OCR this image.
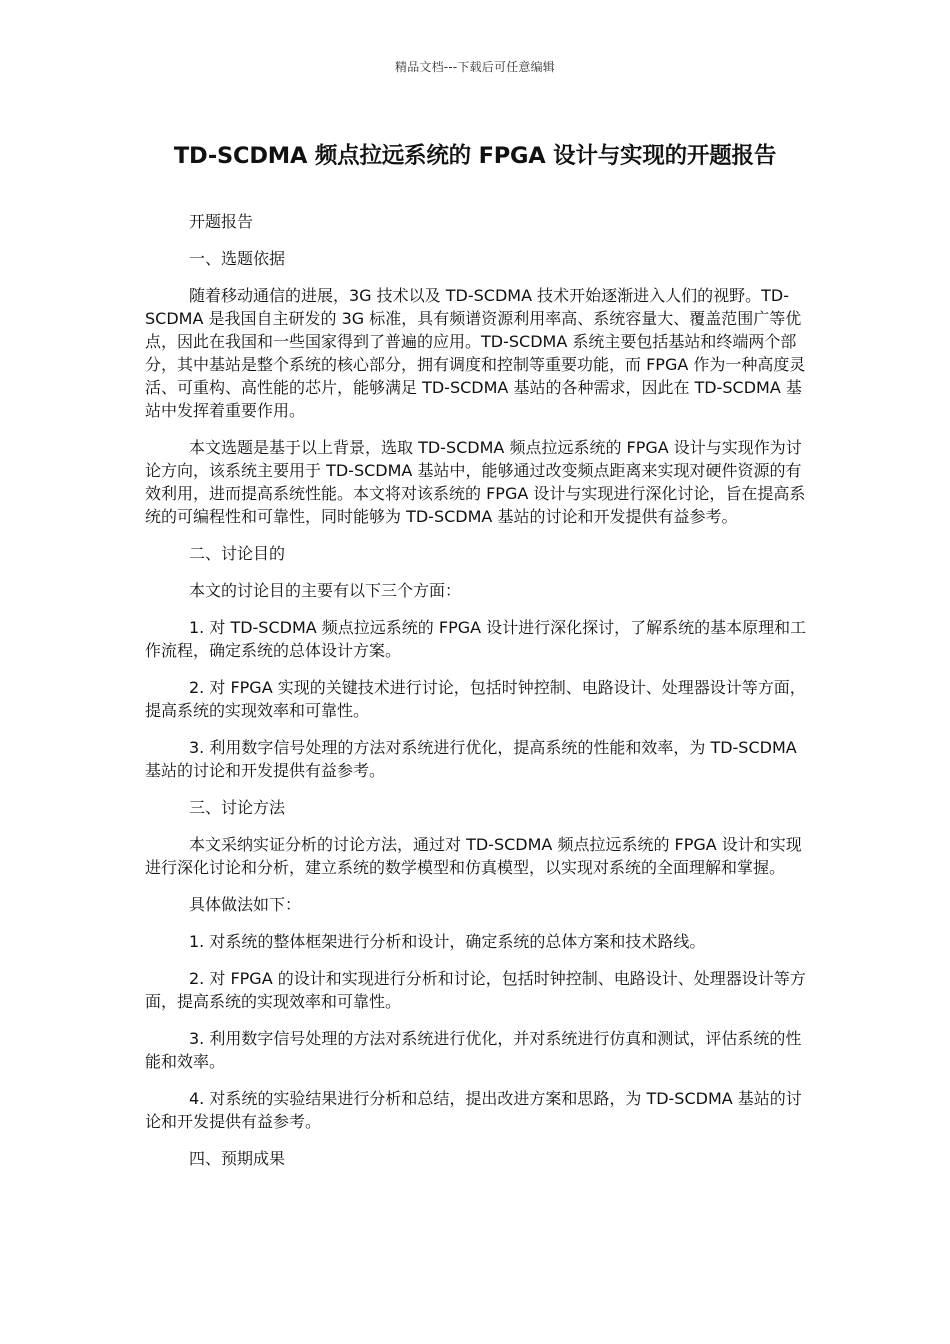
精品文档---下载后可任意编辑
TD-SCDMA 频点拉远系统的 FPGA 设计与实现的开题报告

开题报告

一、选题依据

随着移动通信的进展，3G 技术以及 TD-SCDMA 技术开始逐渐进入人们的视野。TD-SCDMA 是我国自主研发的 3G 标准，具有频谱资源利用率高、系统容量大、覆盖范围广等优点，因此在我国和一些国家得到了普遍的应用。TD-SCDMA 系统主要包括基站和终端两个部分，其中基站是整个系统的核心部分，拥有调度和控制等重要功能，而 FPGA 作为一种高度灵活、可重构、高性能的芯片，能够满足 TD-SCDMA 基站的各种需求，因此在 TD-SCDMA 基站中发挥着重要作用。

本文选题是基于以上背景，选取 TD-SCDMA 频点拉远系统的 FPGA 设计与实现作为讨论方向，该系统主要用于 TD-SCDMA 基站中，能够通过改变频点距离来实现对硬件资源的有效利用，进而提高系统性能。本文将对该系统的 FPGA 设计与实现进行深化讨论，旨在提高系统的可编程性和可靠性，同时能够为 TD-SCDMA 基站的讨论和开发提供有益参考。

二、讨论目的

本文的讨论目的主要有以下三个方面：

1. 对 TD-SCDMA 频点拉远系统的 FPGA 设计进行深化探讨，了解系统的基本原理和工作流程，确定系统的总体设计方案。

2. 对 FPGA 实现的关键技术进行讨论，包括时钟控制、电路设计、处理器设计等方面，提高系统的实现效率和可靠性。

3. 利用数字信号处理的方法对系统进行优化，提高系统的性能和效率，为 TD-SCDMA 基站的讨论和开发提供有益参考。

三、讨论方法

本文采纳实证分析的讨论方法，通过对 TD-SCDMA 频点拉远系统的 FPGA 设计和实现进行深化讨论和分析，建立系统的数学模型和仿真模型，以实现对系统的全面理解和掌握。

具体做法如下：

1. 对系统的整体框架进行分析和设计，确定系统的总体方案和技术路线。

2. 对 FPGA 的设计和实现进行分析和讨论，包括时钟控制、电路设计、处理器设计等方面，提高系统的实现效率和可靠性。

3. 利用数字信号处理的方法对系统进行优化，并对系统进行仿真和测试，评估系统的性能和效率。

4. 对系统的实验结果进行分析和总结，提出改进方案和思路，为 TD-SCDMA 基站的讨论和开发提供有益参考。

四、预期成果
